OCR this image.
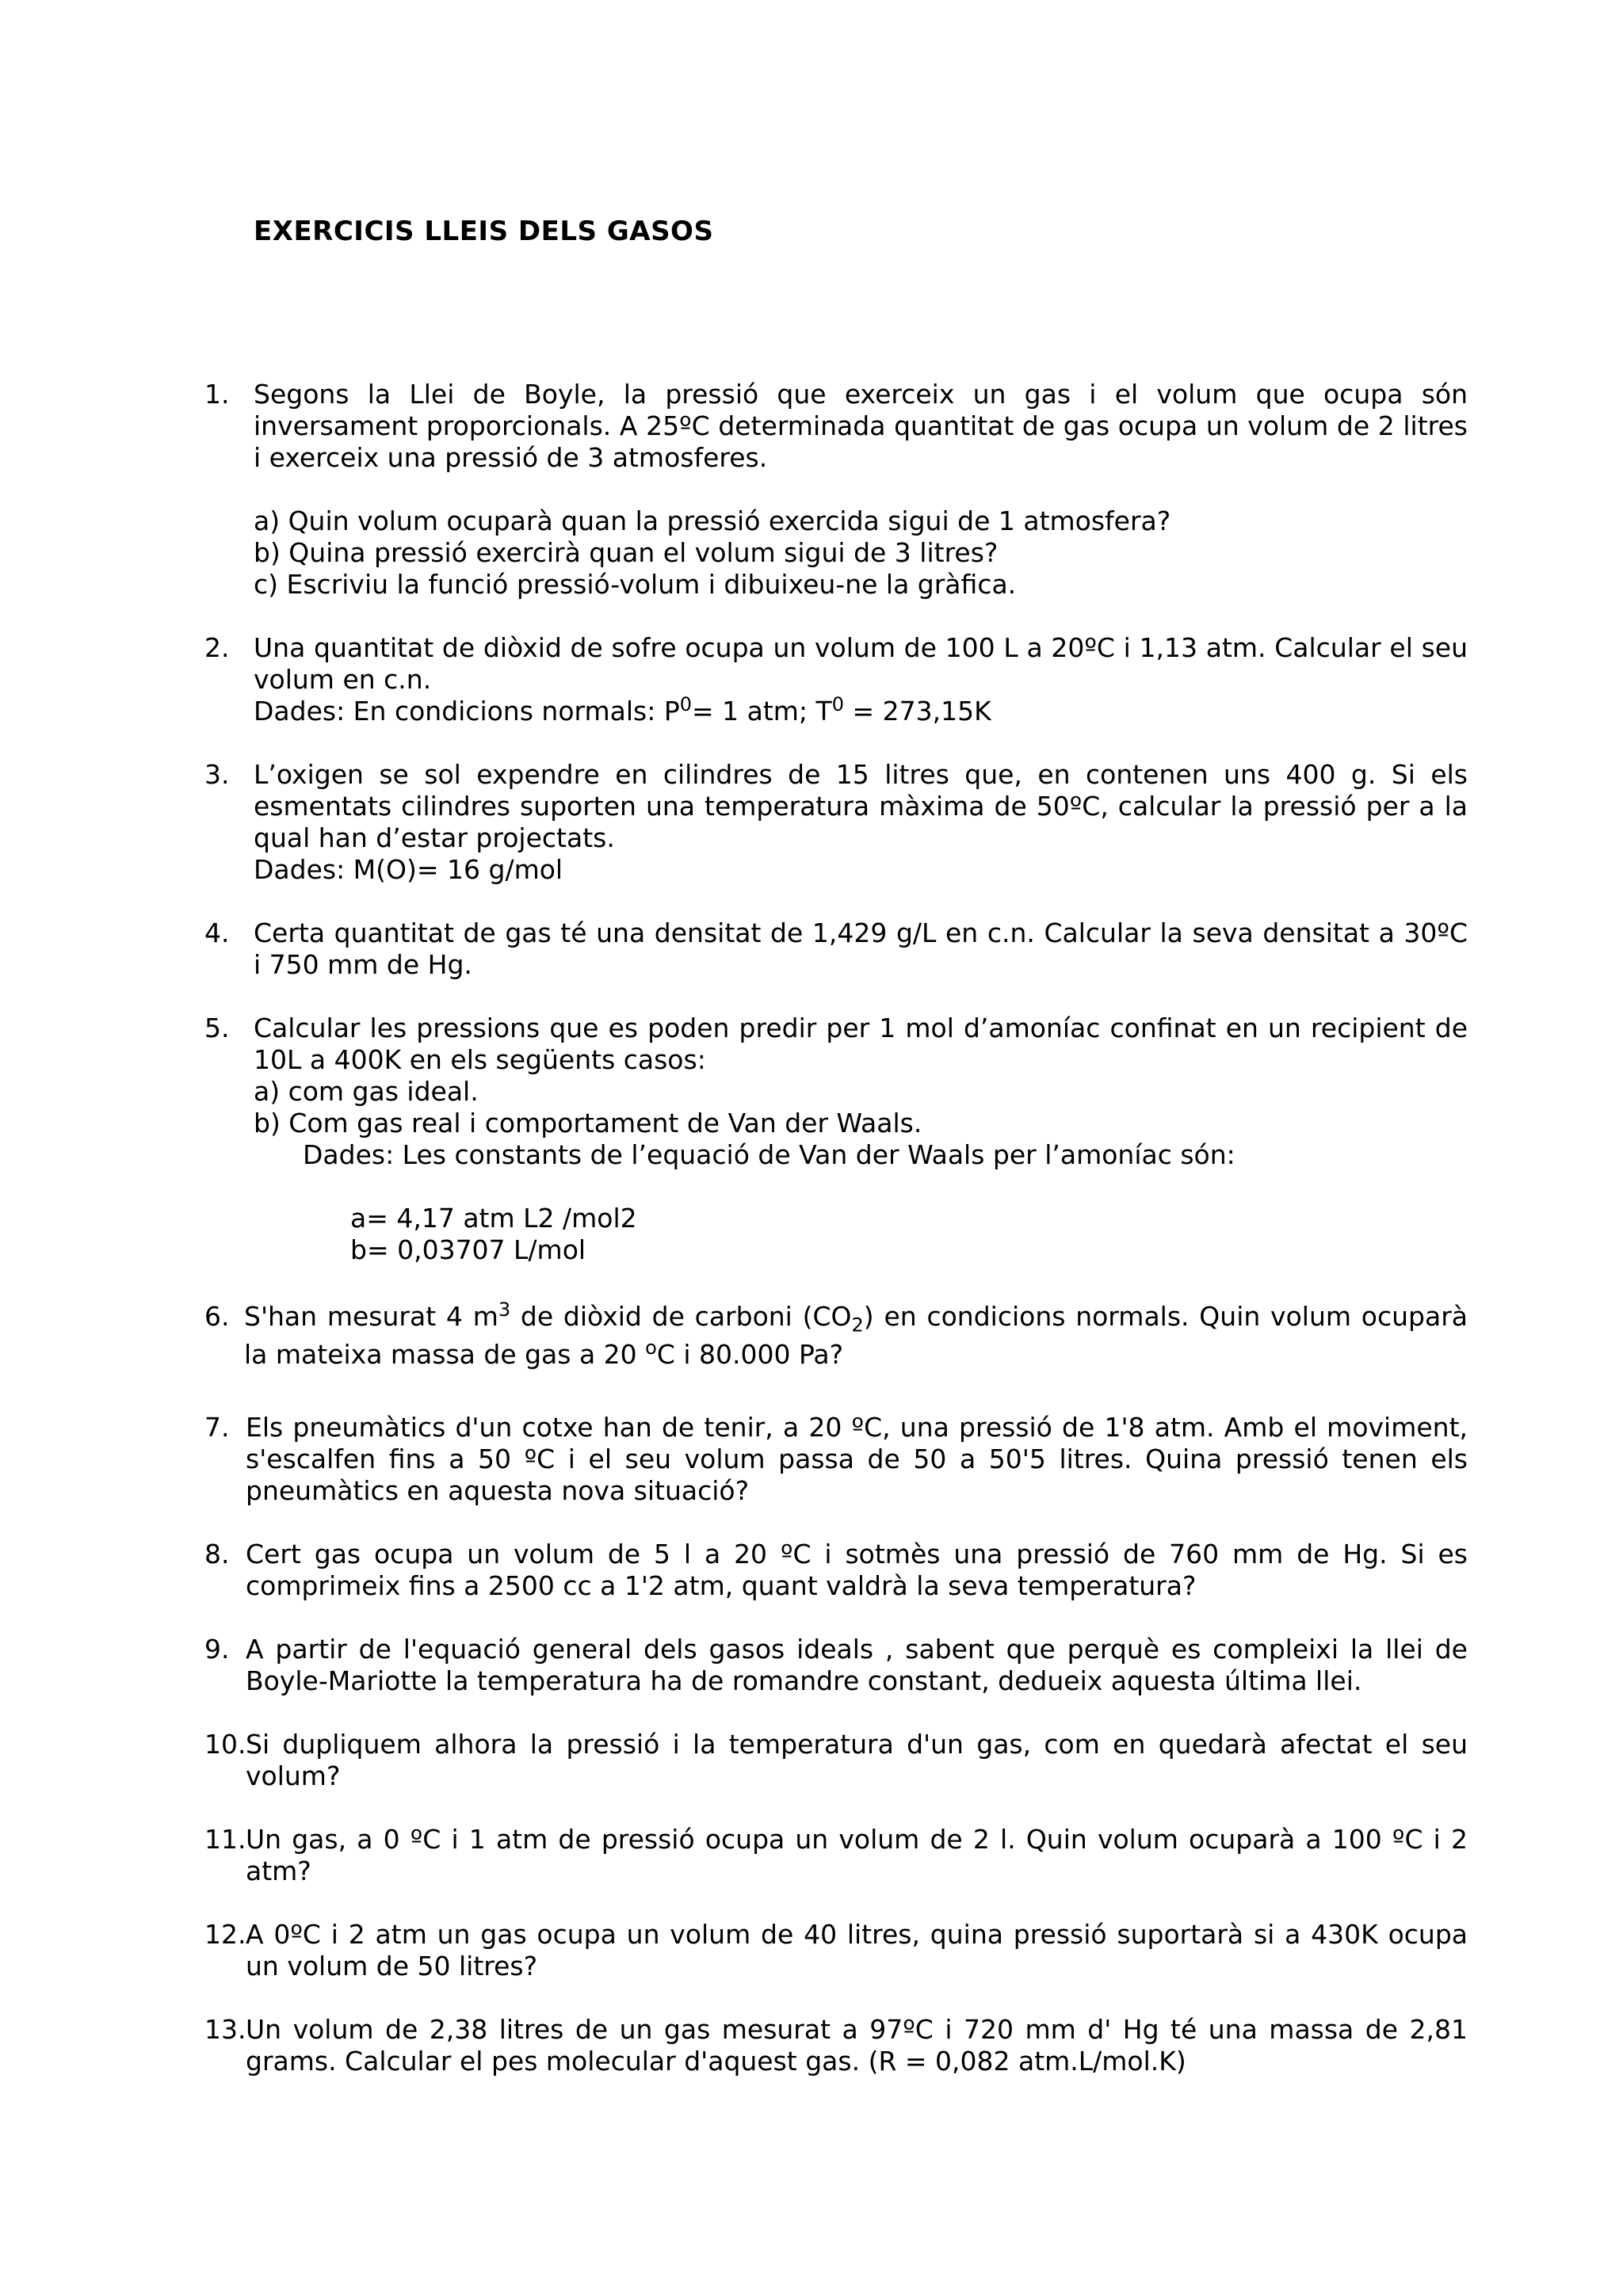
EXERCICIS LLEIS DELS GASOS
1. Segons la Llei de Boyle, la pressió que exerceix un gas i el volum que ocupa són inversament proporcionals. A 25ºC determinada quantitat de gas ocupa un volum de 2 litres i exerceix una pressió de 3 atmosferes.
a) Quin volum ocuparà quan la pressió exercida sigui de 1 atmosfera?
b) Quina pressió exercirà quan el volum sigui de 3 litres?
c) Escriviu la funció pressió-volum i dibuixeu-ne la gràfica.
2. Una quantitat de diòxid de sofre ocupa un volum de 100 L a 20ºC i 1,13 atm. Calcular el seu volum en c.n.
Dades: En condicions normals: $P^0= 1$ atm; $T^0 = 273,15K$
3. L’oxigen se sol expendre en cilindres de 15 litres que, en contenen uns 400 g. Si els esmentats cilindres suporten una temperatura màxima de 50ºC, calcular la pressió per a la qual han d’estar projectats.
Dades: M(O)= 16 g/mol
4. Certa quantitat de gas té una densitat de 1,429 g/L en c.n. Calcular la seva densitat a 30ºC i 750 mm de Hg.
5. Calcular les pressions que es poden predir per 1 mol d’amoníac confinat en un recipient de 10L a 400K en els següents casos:
a) com gas ideal.
b) Com gas real i comportament de Van der Waals.
Dades: Les constants de l’equació de Van der Waals per l’amoníac són:
a= 4,17 atm L2 /mol2
b= 0,03707 L/mol
6. S'han mesurat 4 $m^3$ de diòxid de carboni $(CO_2)$ en condicions normals. Quin volum ocuparà la mateixa massa de gas a 20 $^o$C i 80.000 Pa?
7. Els pneumàtics d'un cotxe han de tenir, a 20 ºC, una pressió de 1'8 atm. Amb el moviment, s'escalfen fins a 50 ºC i el seu volum passa de 50 a 50'5 litres. Quina pressió tenen els pneumàtics en aquesta nova situació?
8. Cert gas ocupa un volum de 5 l a 20 ºC i sotmès una pressió de 760 mm de Hg. Si es comprimeix fins a 2500 cc a 1'2 atm, quant valdrà la seva temperatura?
9. A partir de l'equació general dels gasos ideals , sabent que perquè es compleixi la llei de Boyle-Mariotte la temperatura ha de romandre constant, dedueix aquesta última llei.
10. Si dupliquem alhora la pressió i la temperatura d'un gas, com en quedarà afectat el seu volum?
11. Un gas, a 0 ºC i 1 atm de pressió ocupa un volum de 2 l. Quin volum ocuparà a 100 ºC i 2 atm?
12. A 0ºC i 2 atm un gas ocupa un volum de 40 litres, quina pressió suportarà si a 430K ocupa un volum de 50 litres?
13. Un volum de 2,38 litres de un gas mesurat a 97ºC i 720 mm d' Hg té una massa de 2,81 grams. Calcular el pes molecular d'aquest gas. (R = 0,082 atm.L/mol.K)
